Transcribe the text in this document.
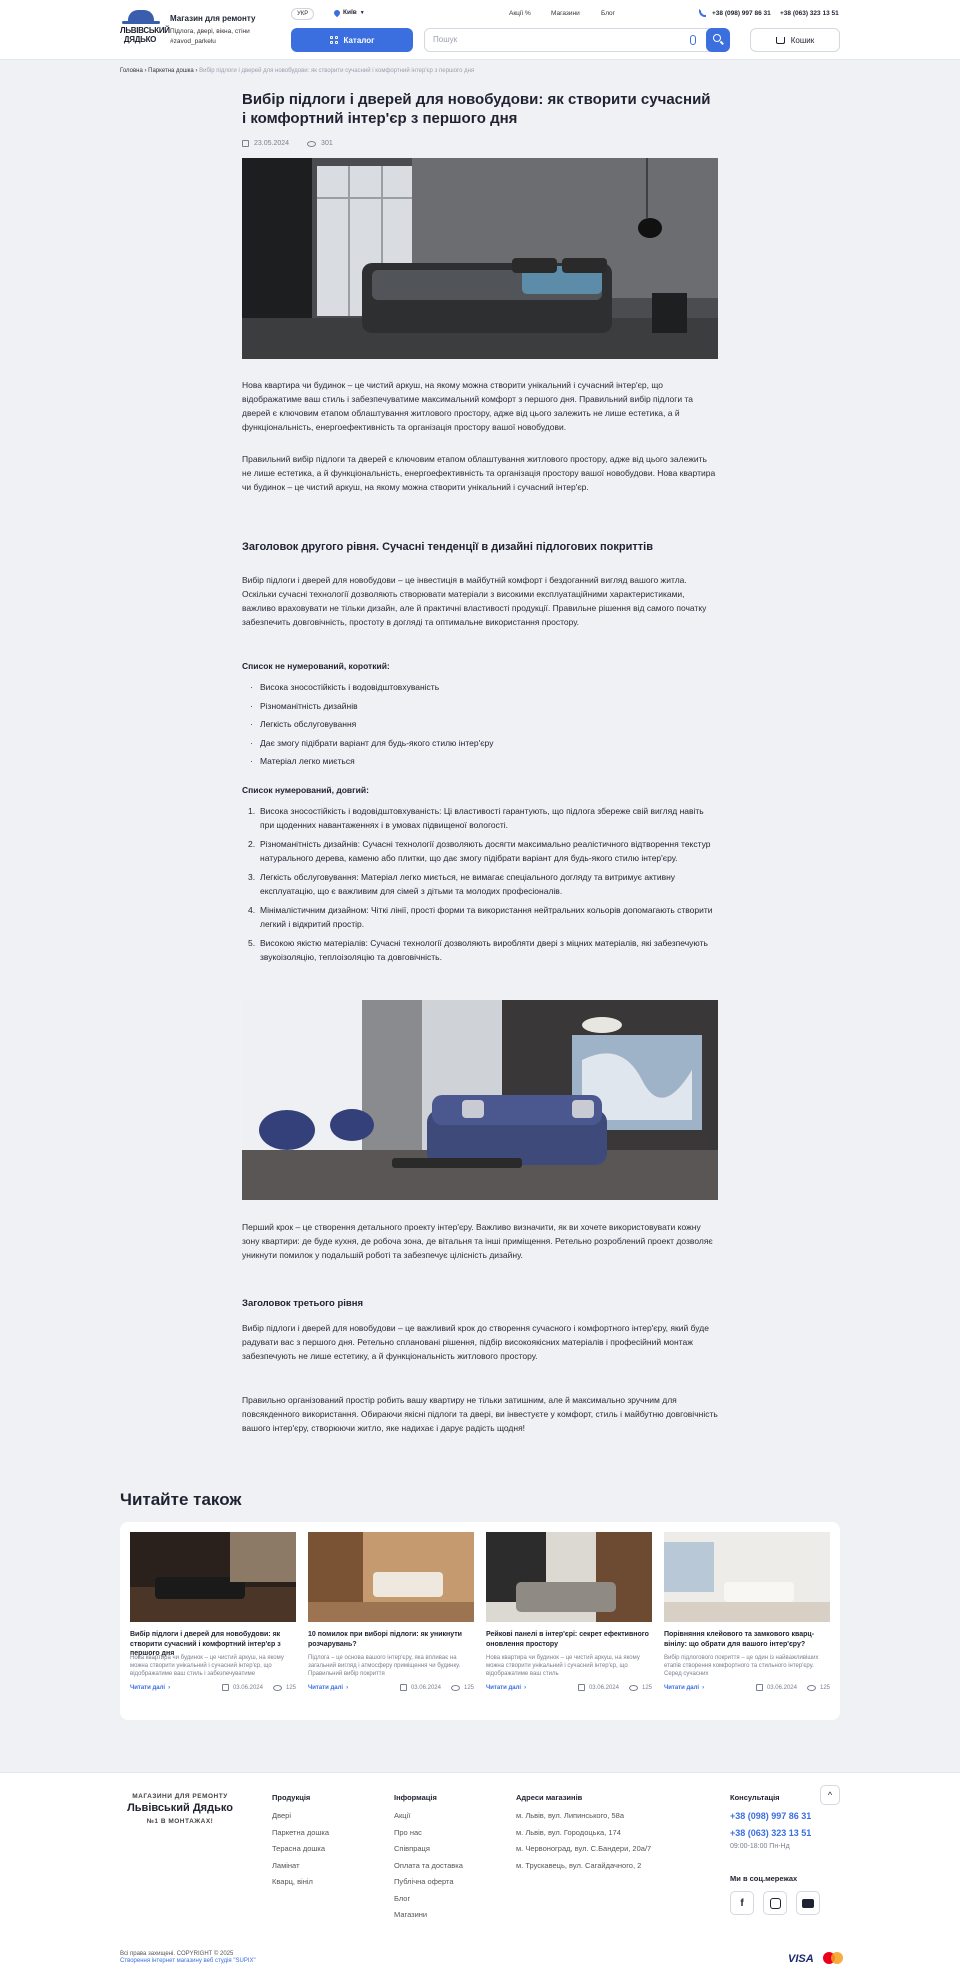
ЛЬВІВСЬКИЙ ДЯДЬКО
Магазин для ремонту
Підлога, двері, вікна, стіни
#zavod_parkelu
УКР	Київ ▼	Акції %	Магазини	Блог	+38 (098) 997 86 31 +38 (063) 323 13 51
Каталог	Пошук	Кошик
Головна › Паркетна дошка › Вибір підлоги і дверей для новобудови: як створити сучасний і комфортний інтер'єр з першого дня
Вибір підлоги і дверей для новобудови: як створити сучасний
і комфортний інтер'єр з першого дня
23.05.2024	301

Нова квартира чи будинок – це чистий аркуш, на якому можна створити унікальний і сучасний інтер'єр, що відображатиме ваш стиль і забезпечуватиме максимальний комфорт з першого дня. Правильний вибір підлоги та дверей є ключовим етапом облаштування житлового простору, адже від цього залежить не лише естетика, а й функціональність, енергоефективність та організація простору вашої новобудови.

Правильний вибір підлоги та дверей є ключовим етапом облаштування житлового простору, адже від цього залежить не лише естетика, а й функціональність, енергоефективність та організація простору вашої новобудови. Нова квартира чи будинок – це чистий аркуш, на якому можна створити унікальний і сучасний інтер'єр.

Заголовок другого рівня. Сучасні тенденції в дизайні підлогових покриттів

Вибір підлоги і дверей для новобудови – це інвестиція в майбутній комфорт і бездоганний вигляд вашого житла. Оскільки сучасні технології дозволяють створювати матеріали з високими експлуатаційними характеристиками, важливо враховувати не тільки дизайн, але й практичні властивості продукції. Правильне рішення від самого початку забезпечить довговічність, простоту в догляді та оптимальне використання простору.

Список не нумерований, короткий:
· Висока зносостійкість і водовідштовхуваність
· Різноманітність дизайнів
· Легкість обслуговування
· Дає змогу підібрати варіант для будь-якого стилю інтер'єру
· Матеріал легко миється
Список нумерований, довгий:
1. Висока зносостійкість і водовідштовхуваність: Ці властивості гарантують, що підлога збереже свій вигляд навіть при щоденних навантаженнях і в умовах підвищеної вологості.
2. Різноманітність дизайнів: Сучасні технології дозволяють досягти максимально реалістичного відтворення текстур натурального дерева, каменю або плитки, що дає змогу підібрати варіант для будь-якого стилю інтер'єру.
3. Легкість обслуговування: Матеріал легко миється, не вимагає спеціального догляду та витримує активну експлуатацію, що є важливим для сімей з дітьми та молодих професіоналів.
4. Мінімалістичним дизайном: Чіткі лінії, прості форми та використання нейтральних кольорів допомагають створити легкий і відкритий простір.
5. Високою якістю матеріалів: Сучасні технології дозволяють виробляти двері з міцних матеріалів, які забезпечують звукоізоляцію, теплоізоляцію та довговічність.

Перший крок – це створення детального проекту інтер'єру. Важливо визначити, як ви хочете використовувати кожну зону квартири: де буде кухня, де робоча зона, де вітальня та інші приміщення. Ретельно розроблений проект дозволяє уникнути помилок у подальшій роботі та забезпечує цілісність дизайну.

Заголовок третього рівня

Вибір підлоги і дверей для новобудови – це важливий крок до створення сучасного і комфортного інтер'єру, який буде радувати вас з першого дня. Ретельно сплановані рішення, підбір високоякісних матеріалів і професійний монтаж забезпечують не лише естетику, а й функціональність житлового простору.

Правильно організований простір робить вашу квартиру не тільки затишним, але й максимально зручним для повсякденного використання. Обираючи якісні підлоги та двері, ви інвестуєте у комфорт, стиль і майбутню довговічність вашого інтер'єру, створюючи житло, яке надихає і дарує радість щодня!

Читайте також
Вибір підлоги і дверей для новобудови: як створити сучасний і комфортний інтер'єр з першого дня
Нова квартира чи будинок – це чистий аркуш, на якому можна створити унікальний і сучасний інтер'єр, що відображатиме ваш стиль і забезпечуватиме
Читати далі ›	03.06.2024	125
10 помилок при виборі підлоги: як уникнути розчарувань?
Підлога – це основа вашого інтер'єру, яка впливає на загальний вигляд і атмосферу приміщення чи будинку. Правильний вибір покриття
Читати далі ›	03.06.2024	125
Рейкові панелі в інтер'єрі: секрет ефективного оновлення простору
Нова квартира чи будинок – це чистий аркуш, на якому можна створити унікальний і сучасний інтер'єр, що відображатиме ваш стиль
Читати далі ›	03.06.2024	125
Порівняння клейового та замкового кварц-вінілу: що обрати для вашого інтер'єру?
Вибір підлогового покриття – це один із найважливіших етапів створення комфортного та стильного інтер'єру. Серед сучасних
Читати далі ›	03.06.2024	125
МАГАЗИНИ ДЛЯ РЕМОНТУ
Львівський Дядько
№1 В МОНТАЖАХ!
Продукція
Двері
Паркетна дошка
Терасна дошка
Ламінат
Кварц, вініл
Інформація
Акції
Про нас
Співпраця
Оплата та доставка
Публічна оферта
Блог
Магазини
Адреси магазинів
м. Львів, вул. Липинського, 58а
м. Львів, вул. Городоцька, 174
м. Червоноград, вул. С.Бандери, 20а/7
м. Трускавець, вул. Сагайдачного, 2
Консультація
+38 (098) 997 86 31
+38 (063) 323 13 51
09:00-18:00 Пн-Нд
Ми в соц.мережах
f
^
Всі права захищені. COPYRIGHT © 2025
Створення інтернет магазину веб студія "SUPIX"	VISA
